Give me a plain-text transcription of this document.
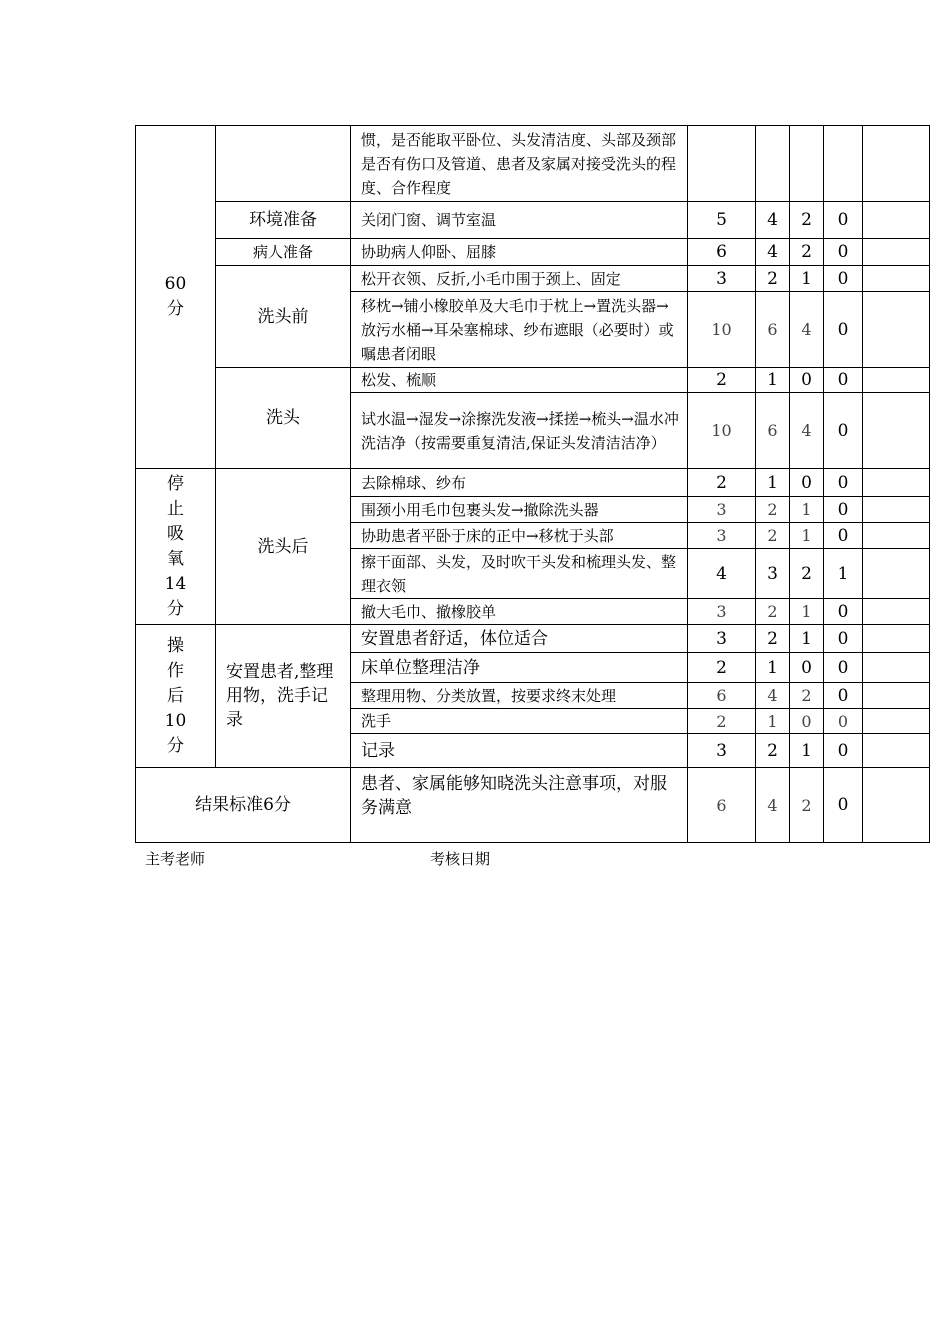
60分		惯，是否能取平卧位、头发清洁度、头部及颈部是否有伤口及管道、患者及家属对接受洗头的程度、合作程度					
	环境准备	关闭门窗、调节室温	5	4	2	0	
	病人准备	协助病人仰卧、屈膝	6	4	2	0	
	洗头前	松开衣领、反折,小毛巾围于颈上、固定	3	2	1	0	
		移枕→铺小橡胶单及大毛巾于枕上→置洗头器→放污水桶→耳朵塞棉球、纱布遮眼（必要时）或嘱患者闭眼	10	6	4	0	
	洗头	松发、梳顺	2	1	0	0	
		试水温→湿发→涂擦洗发液→揉搓→梳头→温水冲洗洁净（按需要重复清洁,保证头发清洁洁净）	10	6	4	0	
停止吸氧14分	洗头后	去除棉球、纱布	2	1	0	0	
		围颈小用毛巾包裹头发→撤除洗头器	3	2	1	0	
		协助患者平卧于床的正中→移枕于头部	3	2	1	0	
		擦干面部、头发，及时吹干头发和梳理头发、整理衣领	4	3	2	1	
		撤大毛巾、撤橡胶单	3	2	1	0	
操作后10分	安置患者,整理用物，洗手记录	安置患者舒适，体位适合	3	2	1	0	
		床单位整理洁净	2	1	0	0	
		整理用物、分类放置，按要求终末处理	6	4	2	0	
		洗手	2	1	0	0	
		记录	3	2	1	0	
结果标准6分		患者、家属能够知晓洗头注意事项，对服务满意	6	4	2	0	
主考老师	考核日期
